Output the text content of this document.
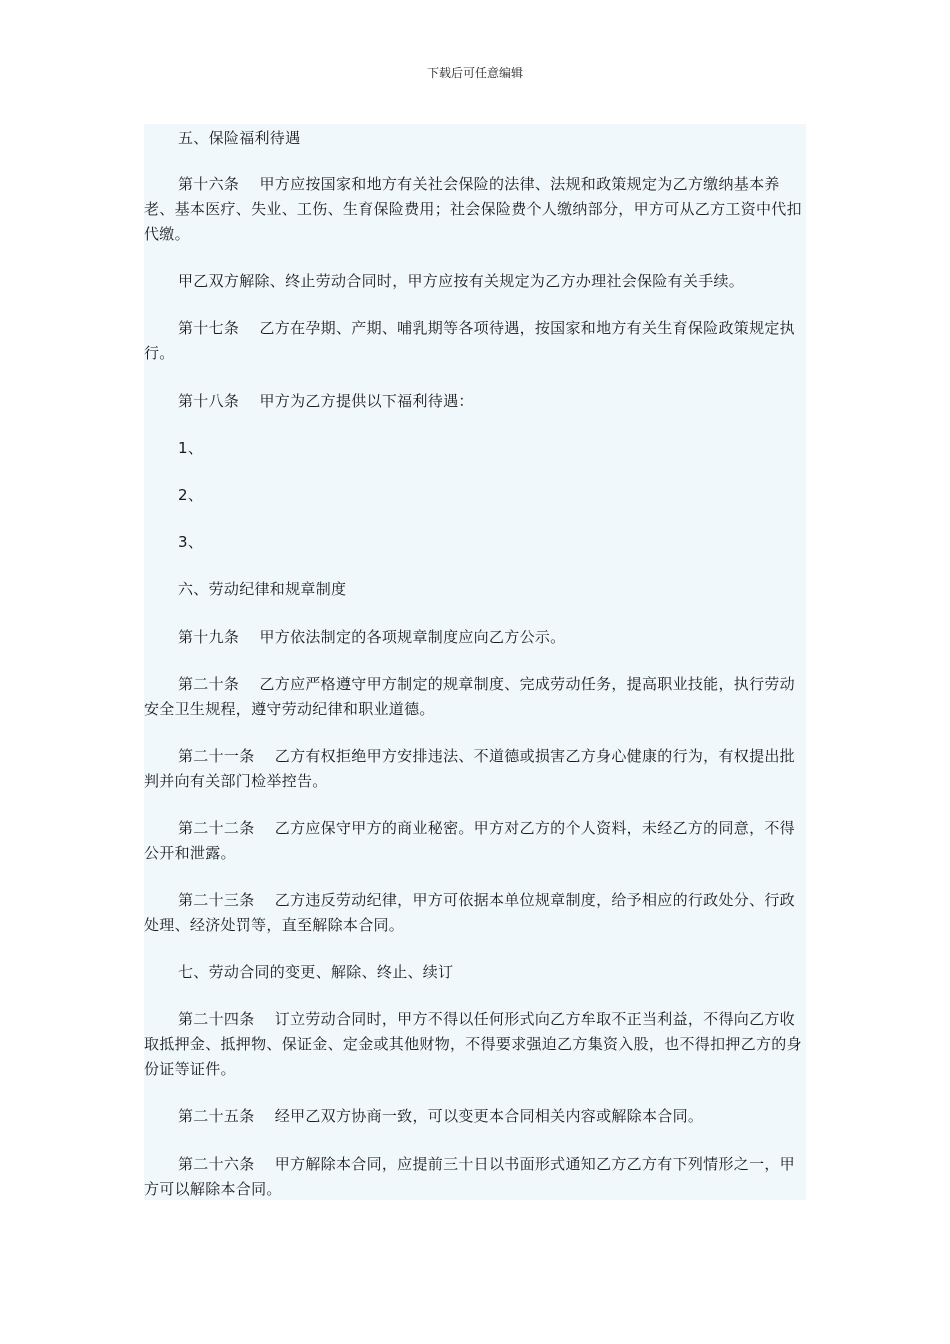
下载后可任意编辑

五、保险福利待遇

第十六条    甲方应按国家和地方有关社会保险的法律、法规和政策规定为乙方缴纳基本养老、基本医疗、失业、工伤、生育保险费用；社会保险费个人缴纳部分，甲方可从乙方工资中代扣代缴。

甲乙双方解除、终止劳动合同时，甲方应按有关规定为乙方办理社会保险有关手续。

第十七条    乙方在孕期、产期、哺乳期等各项待遇，按国家和地方有关生育保险政策规定执行。

第十八条    甲方为乙方提供以下福利待遇：

1、

2、

3、

六、劳动纪律和规章制度

第十九条    甲方依法制定的各项规章制度应向乙方公示。

第二十条    乙方应严格遵守甲方制定的规章制度、完成劳动任务，提高职业技能，执行劳动安全卫生规程，遵守劳动纪律和职业道德。

第二十一条    乙方有权拒绝甲方安排违法、不道德或损害乙方身心健康的行为，有权提出批判并向有关部门检举控告。

第二十二条    乙方应保守甲方的商业秘密。甲方对乙方的个人资料，未经乙方的同意，不得公开和泄露。

第二十三条    乙方违反劳动纪律，甲方可依据本单位规章制度，给予相应的行政处分、行政处理、经济处罚等，直至解除本合同。

七、劳动合同的变更、解除、终止、续订

第二十四条    订立劳动合同时，甲方不得以任何形式向乙方牟取不正当利益，不得向乙方收取抵押金、抵押物、保证金、定金或其他财物，不得要求强迫乙方集资入股，也不得扣押乙方的身份证等证件。

第二十五条    经甲乙双方协商一致，可以变更本合同相关内容或解除本合同。

第二十六条    甲方解除本合同，应提前三十日以书面形式通知乙方乙方有下列情形之一，甲方可以解除本合同。
